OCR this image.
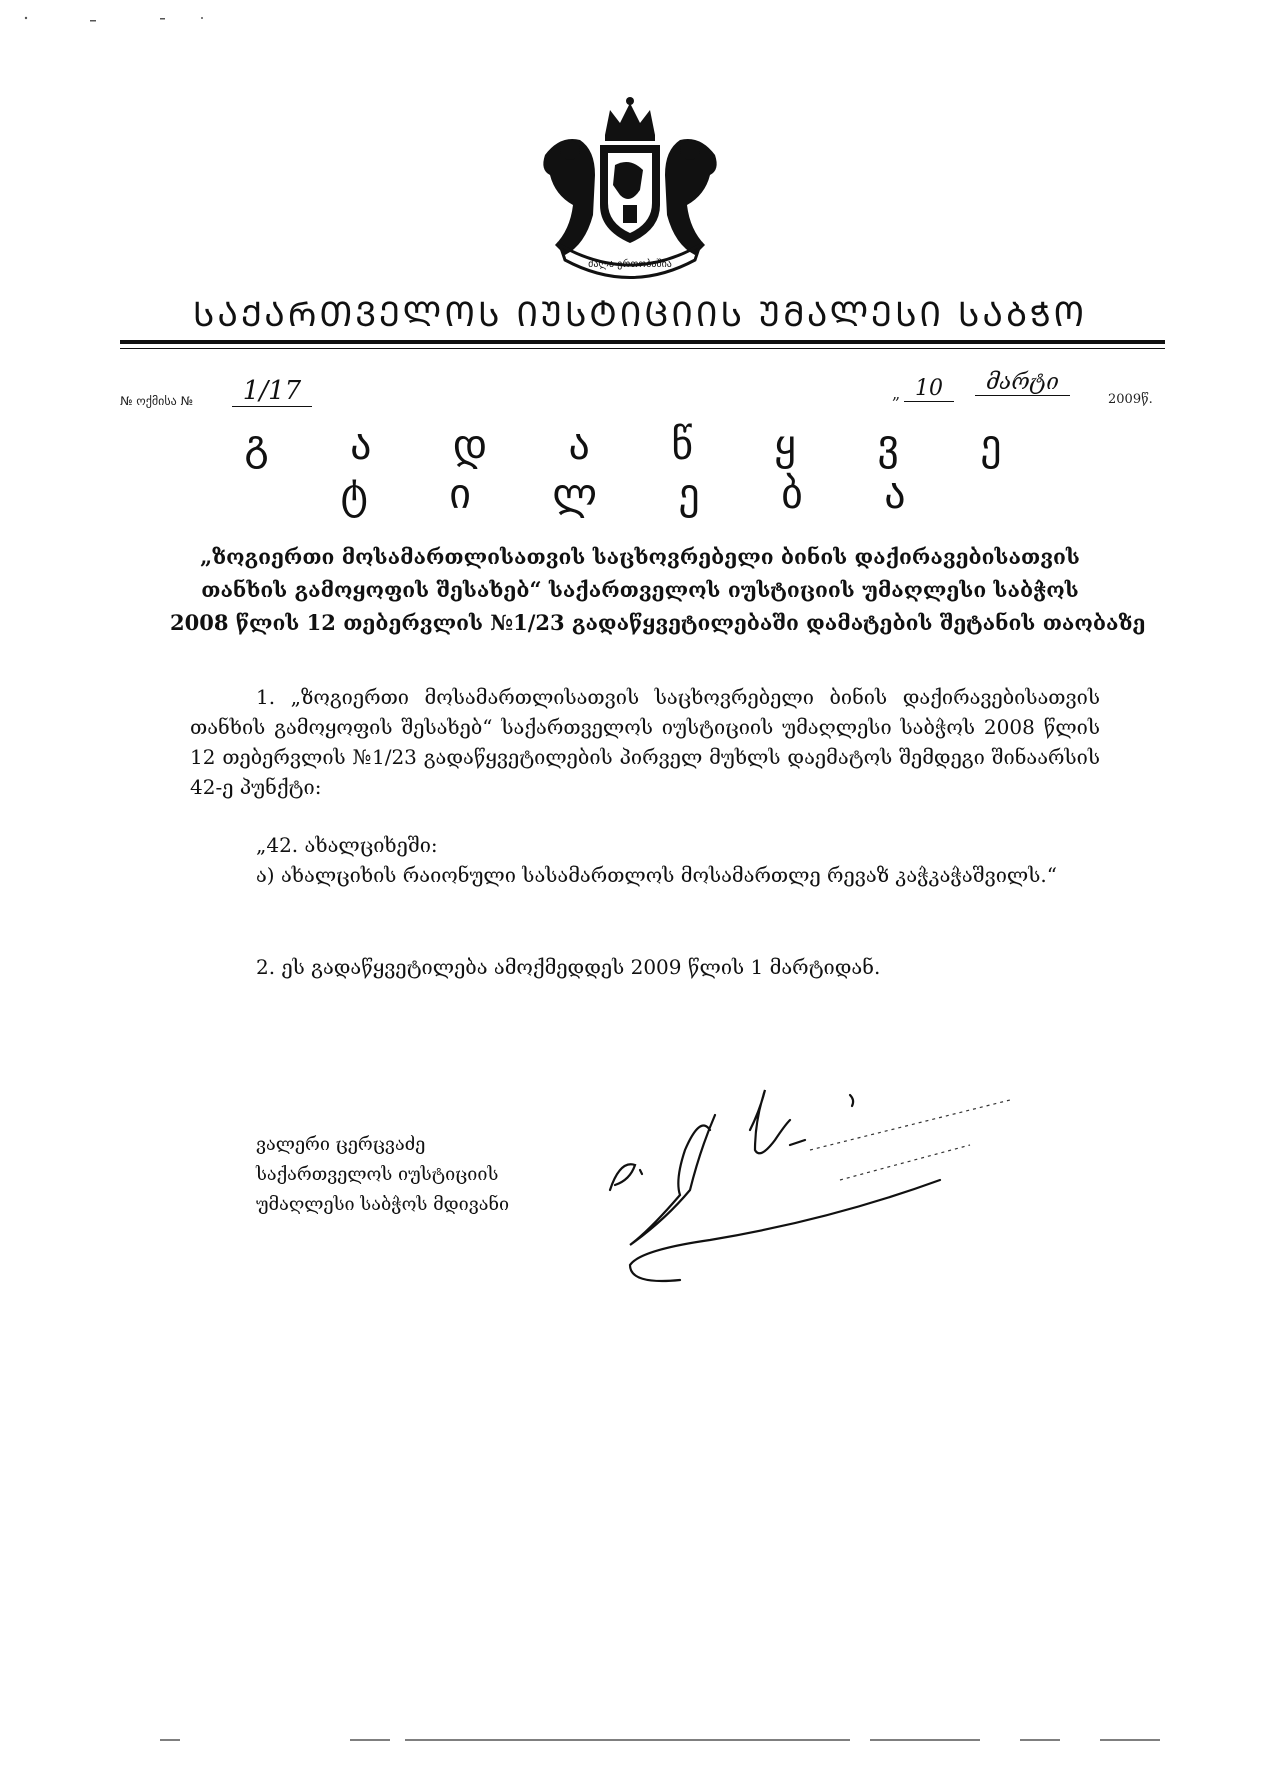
ძალა ერთობაშია
ᲡᲐᲥᲐᲠᲗᲕᲔᲚᲝᲡ ᲘᲣᲡᲢᲘᲪᲘᲘᲡ ᲣᲛᲐᲚᲔᲡᲘ ᲡᲐᲑᲭᲝ
№ ოქმისა №	1/17	„ 10	მარტი
2009წ.
გ ა დ ა წ ყ ვ ე ტ ი ლ ე ბ ა
„ზოგიერთი მოსამართლისათვის საცხოვრებელი ბინის დაქირავებისათვის
თანხის გამოყოფის შესახებ“ საქართველოს იუსტიციის უმაღლესი საბჭოს
2008 წლის 12 თებერვლის №1/23 გადაწყვეტილებაში დამატების შეტანის თაობაზე
1. „ზოგიერთი მოსამართლისათვის საცხოვრებელი ბინის დაქირავებისათვის თანხის გამოყოფის შესახებ“ საქართველოს იუსტიციის უმაღლესი საბჭოს 2008 წლის 12 თებერვლის №1/23 გადაწყვეტილების პირველ მუხლს დაემატოს შემდეგი შინაარსის 42-ე პუნქტი:
„42. ახალციხეში:
ა) ახალციხის რაიონული სასამართლოს მოსამართლე რევაზ კაჭკაჭაშვილს.“
2. ეს გადაწყვეტილება ამოქმედდეს 2009 წლის 1 მარტიდან.
ვალერი ცერცვაძე
საქართველოს იუსტიციის
უმაღლესი საბჭოს მდივანი
